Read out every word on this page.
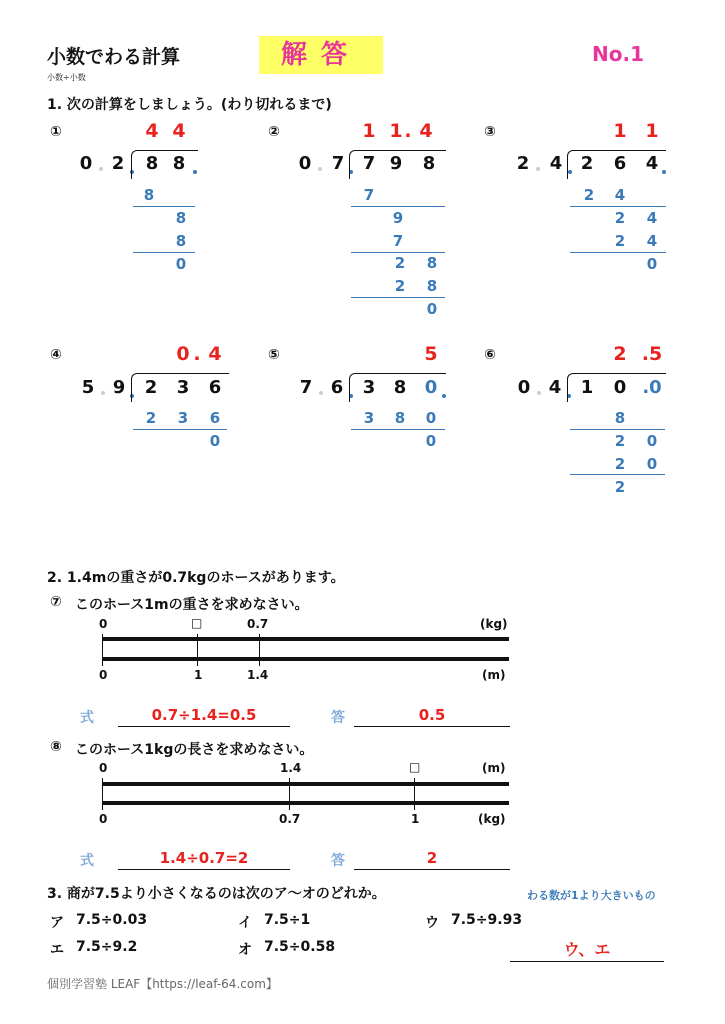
小数でわる計算	解答	No.1
小数÷小数
1. 次の計算をしましょう。(わり切れるまで)
①	②	③
④	⑤	⑥
4 4
0 2 8 8
8
8
8
0
1 1 . 4
0 7 7 9 8
7
9
7
2	8
2	8
0
1 1
2 4 2 6 4
2	4
2	4
2	4
0
0 . 4
5 9 2 3 6
2	3	6
0
5
7 6 3 8 0
3	8	0
0
2 .5
0 4 1 0 .0
8
2	0
2	0
2
2. 1.4mの重さが0.7kgのホースがあります。
⑦ このホース1mの重さを求めなさい。
0	□	0.7	(kg)
0	1	1.4	(m)
式	0.7÷1.4=0.5	答	0.5
⑧ このホース1kgの長さを求めなさい。
0	1.4	□	(m)
0	0.7	1	(kg)
式	1.4÷0.7=2	答	2
3. 商が7.5より小さくなるのは次のア〜オのどれか。	わる数が1より大きいもの
ア 7.5÷0.03	イ 7.5÷1	ウ 7.5÷9.93
エ 7.5÷9.2	オ 7.5÷0.58	ウ、エ
個別学習塾 LEAF【https://leaf-64.com】
